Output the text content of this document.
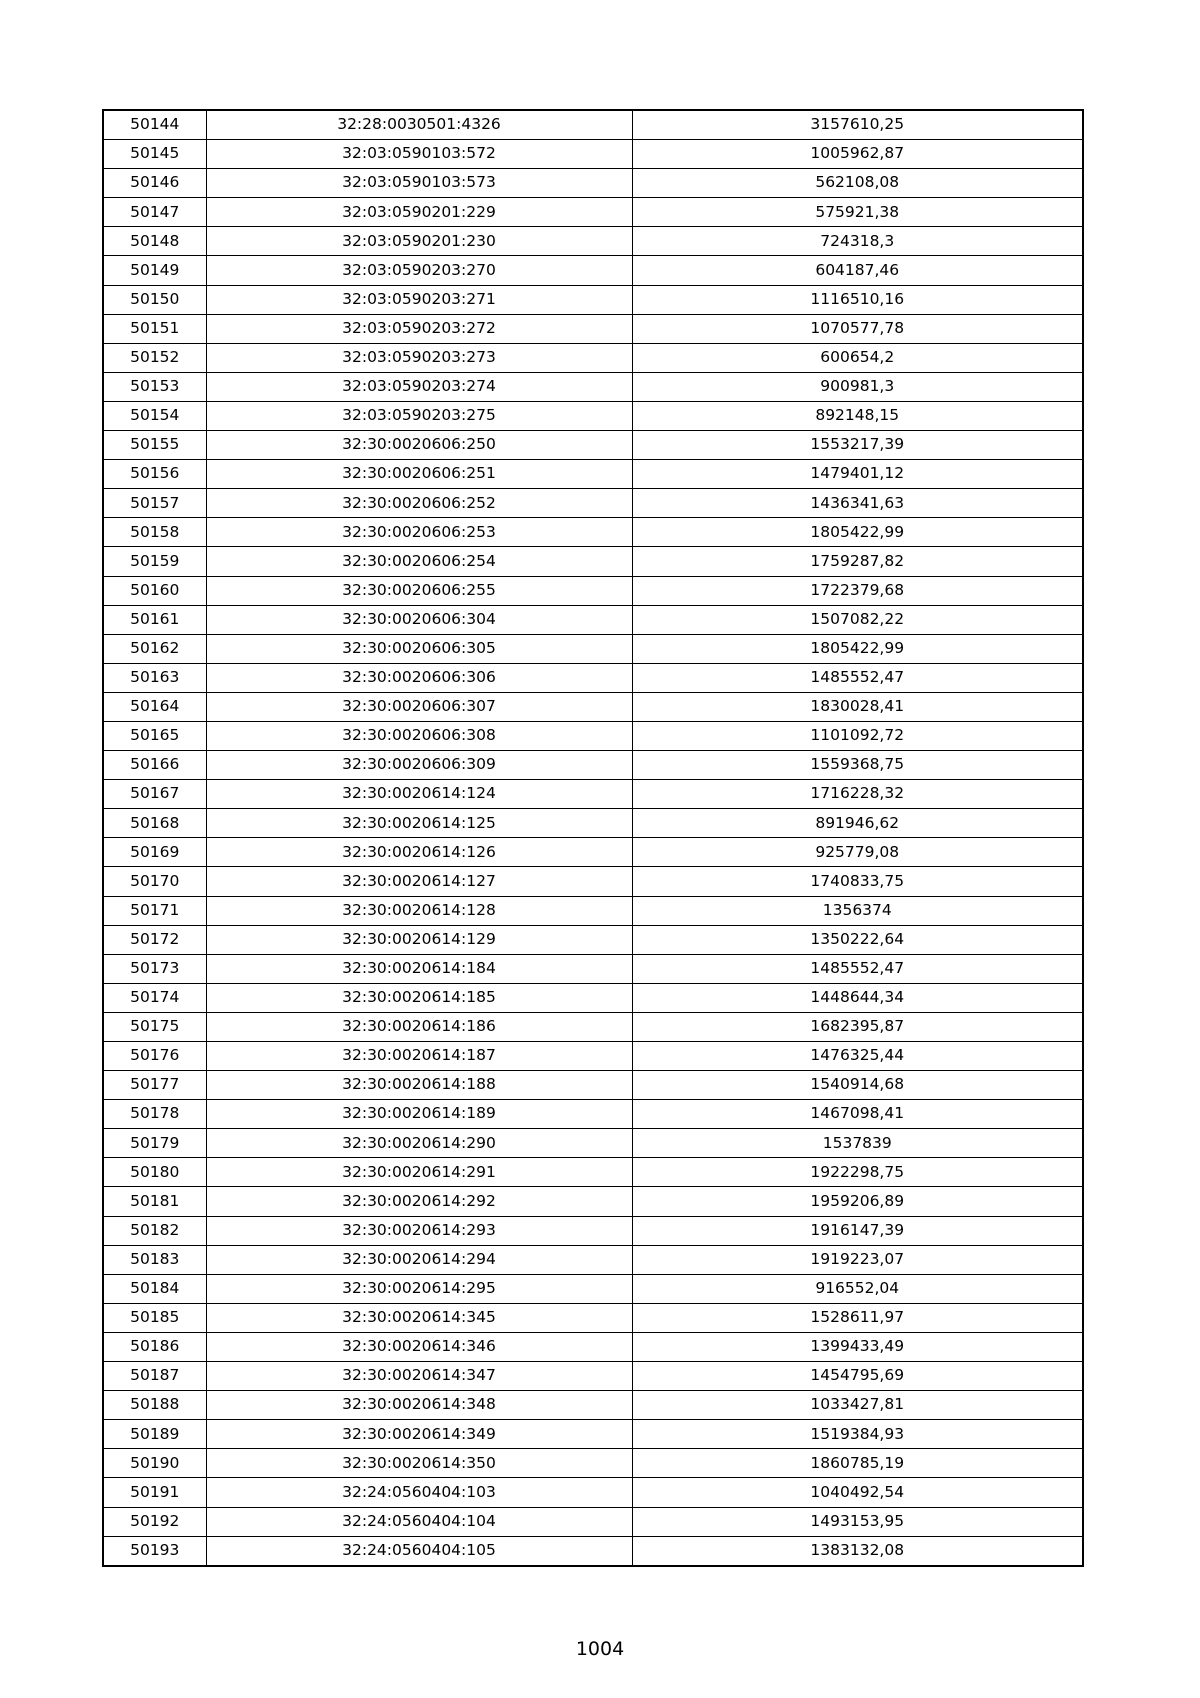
50144	32:28:0030501:4326	3157610,25
50145	32:03:0590103:572	1005962,87
50146	32:03:0590103:573	562108,08
50147	32:03:0590201:229	575921,38
50148	32:03:0590201:230	724318,3
50149	32:03:0590203:270	604187,46
50150	32:03:0590203:271	1116510,16
50151	32:03:0590203:272	1070577,78
50152	32:03:0590203:273	600654,2
50153	32:03:0590203:274	900981,3
50154	32:03:0590203:275	892148,15
50155	32:30:0020606:250	1553217,39
50156	32:30:0020606:251	1479401,12
50157	32:30:0020606:252	1436341,63
50158	32:30:0020606:253	1805422,99
50159	32:30:0020606:254	1759287,82
50160	32:30:0020606:255	1722379,68
50161	32:30:0020606:304	1507082,22
50162	32:30:0020606:305	1805422,99
50163	32:30:0020606:306	1485552,47
50164	32:30:0020606:307	1830028,41
50165	32:30:0020606:308	1101092,72
50166	32:30:0020606:309	1559368,75
50167	32:30:0020614:124	1716228,32
50168	32:30:0020614:125	891946,62
50169	32:30:0020614:126	925779,08
50170	32:30:0020614:127	1740833,75
50171	32:30:0020614:128	1356374
50172	32:30:0020614:129	1350222,64
50173	32:30:0020614:184	1485552,47
50174	32:30:0020614:185	1448644,34
50175	32:30:0020614:186	1682395,87
50176	32:30:0020614:187	1476325,44
50177	32:30:0020614:188	1540914,68
50178	32:30:0020614:189	1467098,41
50179	32:30:0020614:290	1537839
50180	32:30:0020614:291	1922298,75
50181	32:30:0020614:292	1959206,89
50182	32:30:0020614:293	1916147,39
50183	32:30:0020614:294	1919223,07
50184	32:30:0020614:295	916552,04
50185	32:30:0020614:345	1528611,97
50186	32:30:0020614:346	1399433,49
50187	32:30:0020614:347	1454795,69
50188	32:30:0020614:348	1033427,81
50189	32:30:0020614:349	1519384,93
50190	32:30:0020614:350	1860785,19
50191	32:24:0560404:103	1040492,54
50192	32:24:0560404:104	1493153,95
50193	32:24:0560404:105	1383132,08
1004
